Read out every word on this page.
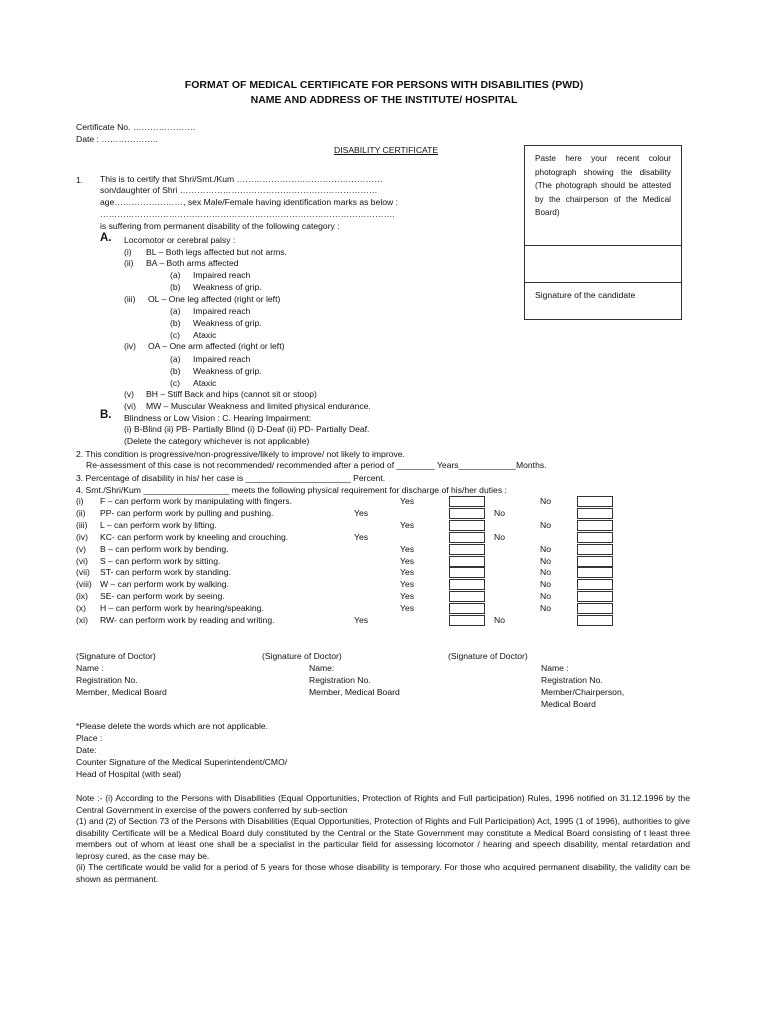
FORMAT OF MEDICAL CERTIFICATE FOR PERSONS WITH DISABILITIES (PWD)
NAME AND ADDRESS OF THE INSTITUTE/ HOSPITAL
Certificate No. ………………….
Date : ………………..
DISABILITY CERTIFICATE
Paste here your recent colour photograph showing the disability (The photograph should be attested by the chairperson of the Medical Board)
Signature of the candidate
1. This is to certify that Shri/Smt./Kum ……………………………………………
son/daughter of Shri ……………………………………………………………
age……………………, sex Male/Female having identification marks as below :
………………………………………………………………………………………….
is suffering from permanent disability of the following category :
A. Locomotor or cerebral palsy :
(i) BL – Both legs affected but not arms.
(ii) BA – Both arms affected
(a) Impaired reach
(b) Weakness of grip.
(iii) OL – One leg affected (right or left)
(a) Impaired reach
(b) Weakness of grip.
(c) Ataxic
(iv) OA – One arm affected (right or left)
(a) Impaired reach
(b) Weakness of grip.
(c) Ataxic
(v) BH – Stiff Back and hips (cannot sit or stoop)
(vi) MW – Muscular Weakness and limited physical endurance.
B. Blindness or Low Vision : C. Hearing Impairment:
(i) B-Blind (ii) PB- Partially Blind (i) D-Deaf (ii) PD- Partially Deaf.
(Delete the category whichever is not applicable)
2. This condition is progressive/non-progressive/likely to improve/ not likely to improve.
Re-assessment of this case is not recommended/ recommended after a period of ________ Years____________Months.
3. Percentage of disability in his/ her case is ______________________ Percent.
4. Smt./Shri/Kum __________________ meets the following physical requirement for discharge of his/her duties :
(i) F – can perform work by manipulating with fingers.	Yes	No
(ii) PP- can perform work by pulling and pushing.	Yes	No
(iii) L – can perform work by lifting.	Yes	No
(iv) KC- can perform work by kneeling and crouching.	Yes	No
(v) B – can perform work by bending.	Yes	No
(vi) S – can perform work by sitting.	Yes	No
(vii) ST- can perform work by standing.	Yes	No
(viii) W – can perform work by walking.	Yes	No
(ix) SE- can perform work by seeing.	Yes	No
(x) H – can perform work by hearing/speaking.	Yes	No
(xi) RW- can perform work by reading and writing.	Yes	No
(Signature of Doctor)
Name :
Registration No.
Member, Medical Board
(Signature of Doctor)
Name:
Registration No.
Member, Medical Board
(Signature of Doctor)
Name :
Registration No.
Member/Chairperson,
Medical Board
*Please delete the words which are not applicable.
Place :
Date:
Counter Signature of the Medical Superintendent/CMO/
Head of Hospital (with seal)
Note :- (i) According to the Persons with Disabilities (Equal Opportunities, Protection of Rights and Full participation) Rules, 1996 notified on 31.12.1996 by the Central Government in exercise of the powers conferred by sub-section
(1) and (2) of Section 73 of the Persons with Disabilities (Equal Opportunities, Protection of Rights and Full Participation) Act, 1995 (1 of 1996), authorities to give disability Certificate will be a Medical Board duly constituted by the Central or the State Government may constitute a Medical Board consisting of t least three members out of whom at least one shall be a specialist in the particular field for assessing locomotor / hearing and speech disability, mental retardation and leprosy cured, as the case may be.
(ii) The certificate would be valid for a period of 5 years for those whose disability is temporary. For those who acquired permanent disability, the validity can be shown as permanent.
